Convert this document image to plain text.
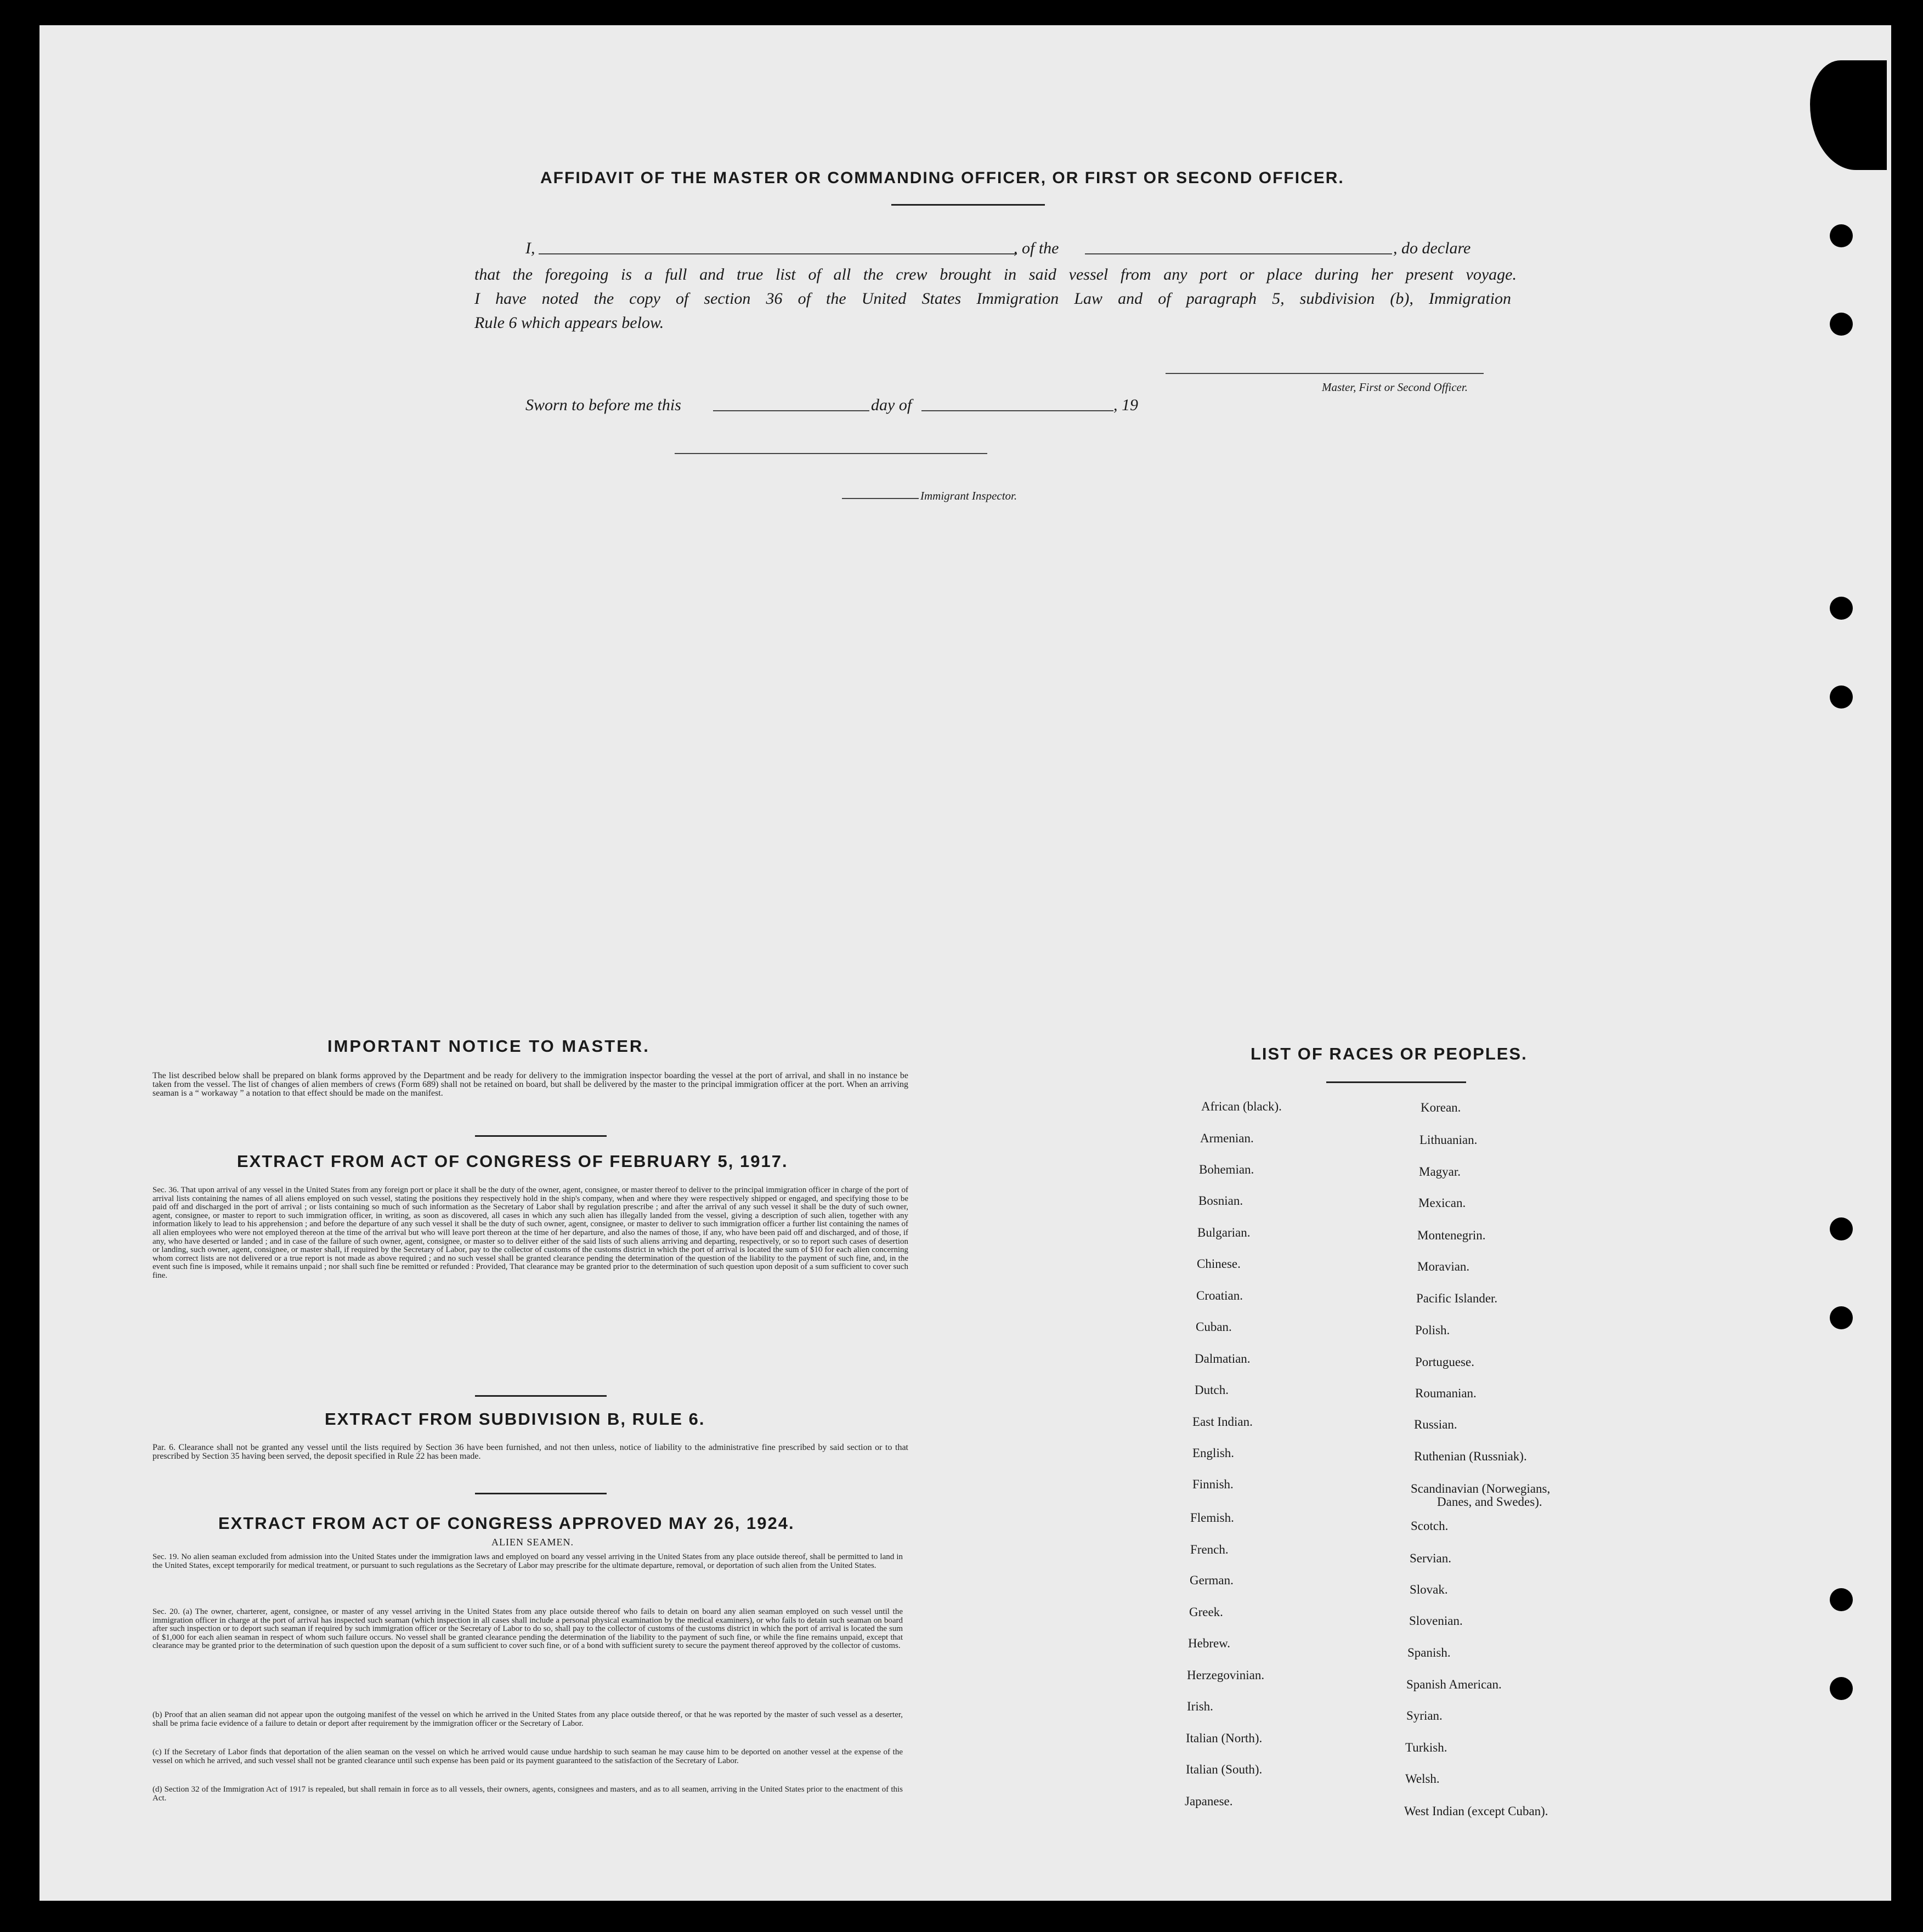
AFFIDAVIT OF THE MASTER OR COMMANDING OFFICER, OR FIRST OR SECOND OFFICER.
I,	, of the	, do declare
that the foregoing is a full and true list of all the crew brought in said vessel from any port or place during her present voyage.
I have noted the copy of section 36 of the United States Immigration Law and of paragraph 5, subdivision (b), Immigration
Rule 6 which appears below.
Master, First or Second Officer.
Sworn to before me this	day of	, 19
Immigrant Inspector.
IMPORTANT NOTICE TO MASTER.
The list described below shall be prepared on blank forms approved by the Department and be ready for delivery to the immigration inspector boarding the vessel at the port of arrival, and shall in no instance be taken from the vessel. The list of changes of alien members of crews (Form 689) shall not be retained on board, but shall be delivered by the master to the principal immigration officer at the port. When an arriving seaman is a “ workaway ” a notation to that effect should be made on the manifest.
EXTRACT FROM ACT OF CONGRESS OF FEBRUARY 5, 1917.
Sec. 36. That upon arrival of any vessel in the United States from any foreign port or place it shall be the duty of the owner, agent, consignee, or master thereof to deliver to the principal immigration officer in charge of the port of arrival lists containing the names of all aliens employed on such vessel, stating the positions they respectively hold in the ship's company, when and where they were respectively shipped or engaged, and specifying those to be paid off and discharged in the port of arrival ; or lists containing so much of such information as the Secretary of Labor shall by regulation prescribe ; and after the arrival of any such vessel it shall be the duty of such owner, agent, consignee, or master to report to such immigration officer, in writing, as soon as discovered, all cases in which any such alien has illegally landed from the vessel, giving a description of such alien, together with any information likely to lead to his apprehension ; and before the departure of any such vessel it shall be the duty of such owner, agent, consignee, or master to deliver to such immigration officer a further list containing the names of all alien employees who were not employed thereon at the time of the arrival but who will leave port thereon at the time of her departure, and also the names of those, if any, who have been paid off and discharged, and of those, if any, who have deserted or landed ; and in case of the failure of such owner, agent, consignee, or master so to deliver either of the said lists of such aliens arriving and departing, respectively, or so to report such cases of desertion or landing, such owner, agent, consignee, or master shall, if required by the Secretary of Labor, pay to the collector of customs of the customs district in which the port of arrival is located the sum of $10 for each alien concerning whom correct lists are not delivered or a true report is not made as above required ; and no such vessel shall be granted clearance pending the determination of the question of the liability to the payment of such fine, and, in the event such fine is imposed, while it remains unpaid ; nor shall such fine be remitted or refunded : Provided, That clearance may be granted prior to the determination of such question upon deposit of a sum sufficient to cover such fine.
EXTRACT FROM SUBDIVISION B, RULE 6.
Par. 6. Clearance shall not be granted any vessel until the lists required by Section 36 have been furnished, and not then unless, notice of liability to the administrative fine prescribed by said section or to that prescribed by Section 35 having been served, the deposit specified in Rule 22 has been made.
EXTRACT FROM ACT OF CONGRESS APPROVED MAY 26, 1924.
ALIEN SEAMEN.
Sec. 19. No alien seaman excluded from admission into the United States under the immigration laws and employed on board any vessel arriving in the United States from any place outside thereof, shall be permitted to land in the United States, except temporarily for medical treatment, or pursuant to such regulations as the Secretary of Labor may prescribe for the ultimate departure, removal, or deportation of such alien from the United States.
Sec. 20. (a) The owner, charterer, agent, consignee, or master of any vessel arriving in the United States from any place outside thereof who fails to detain on board any alien seaman employed on such vessel until the immigration officer in charge at the port of arrival has inspected such seaman (which inspection in all cases shall include a personal physical examination by the medical examiners), or who fails to detain such seaman on board after such inspection or to deport such seaman if required by such immigration officer or the Secretary of Labor to do so, shall pay to the collector of customs of the customs district in which the port of arrival is located the sum of $1,000 for each alien seaman in respect of whom such failure occurs. No vessel shall be granted clearance pending the determination of the liability to the payment of such fine, or while the fine remains unpaid, except that clearance may be granted prior to the determination of such question upon the deposit of a sum sufficient to cover such fine, or of a bond with sufficient surety to secure the payment thereof approved by the collector of customs.
(b) Proof that an alien seaman did not appear upon the outgoing manifest of the vessel on which he arrived in the United States from any place outside thereof, or that he was reported by the master of such vessel as a deserter, shall be prima facie evidence of a failure to detain or deport after requirement by the immigration officer or the Secretary of Labor.
(c) If the Secretary of Labor finds that deportation of the alien seaman on the vessel on which he arrived would cause undue hardship to such seaman he may cause him to be deported on another vessel at the expense of the vessel on which he arrived, and such vessel shall not be granted clearance until such expense has been paid or its payment guaranteed to the satisfaction of the Secretary of Labor.
(d) Section 32 of the Immigration Act of 1917 is repealed, but shall remain in force as to all vessels, their owners, agents, consignees and masters, and as to all seamen, arriving in the United States prior to the enactment of this Act.
LIST OF RACES OR PEOPLES.
African (black).
Armenian.
Bohemian.
Bosnian.
Bulgarian.
Chinese.
Croatian.
Cuban.
Dalmatian.
Dutch.
East Indian.
English.
Finnish.
Flemish.
French.
German.
Greek.
Hebrew.
Herzegovinian.
Irish.
Italian (North).
Italian (South).
Japanese.
Korean.
Lithuanian.
Magyar.
Mexican.
Montenegrin.
Moravian.
Pacific Islander.
Polish.
Portuguese.
Roumanian.
Russian.
Ruthenian (Russniak).
Scandinavian (Norwegians,
Scotch.
Servian.
Slovak.
Slovenian.
Spanish.
Spanish American.
Syrian.
Turkish.
Welsh.
West Indian (except Cuban).
Danes, and Swedes).
